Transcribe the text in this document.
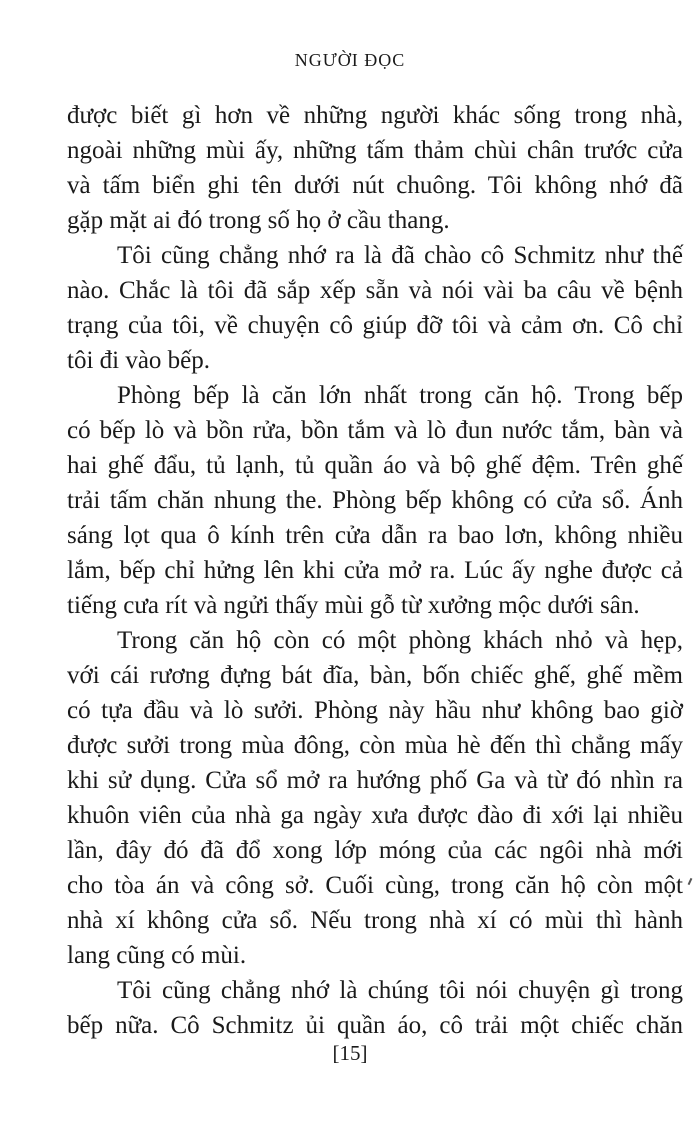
NGƯỜI ĐỌC
được biết gì hơn về những người khác sống trong nhà,
ngoài những mùi ấy, những tấm thảm chùi chân trước cửa
và tấm biển ghi tên dưới nút chuông. Tôi không nhớ đã
gặp mặt ai đó trong số họ ở cầu thang.
Tôi cũng chẳng nhớ ra là đã chào cô Schmitz như thế
nào. Chắc là tôi đã sắp xếp sẵn và nói vài ba câu về bệnh
trạng của tôi, về chuyện cô giúp đỡ tôi và cảm ơn. Cô chỉ
tôi đi vào bếp.
Phòng bếp là căn lớn nhất trong căn hộ. Trong bếp
có bếp lò và bồn rửa, bồn tắm và lò đun nước tắm, bàn và
hai ghế đẩu, tủ lạnh, tủ quần áo và bộ ghế đệm. Trên ghế
trải tấm chăn nhung the. Phòng bếp không có cửa sổ. Ánh
sáng lọt qua ô kính trên cửa dẫn ra bao lơn, không nhiều
lắm, bếp chỉ hửng lên khi cửa mở ra. Lúc ấy nghe được cả
tiếng cưa rít và ngửi thấy mùi gỗ từ xưởng mộc dưới sân.
Trong căn hộ còn có một phòng khách nhỏ và hẹp,
với cái rương đựng bát đĩa, bàn, bốn chiếc ghế, ghế mềm
có tựa đầu và lò sưởi. Phòng này hầu như không bao giờ
được sưởi trong mùa đông, còn mùa hè đến thì chẳng mấy
khi sử dụng. Cửa sổ mở ra hướng phố Ga và từ đó nhìn ra
khuôn viên của nhà ga ngày xưa được đào đi xới lại nhiều
lần, đây đó đã đổ xong lớp móng của các ngôi nhà mới
cho tòa án và công sở. Cuối cùng, trong căn hộ còn một
nhà xí không cửa sổ. Nếu trong nhà xí có mùi thì hành
lang cũng có mùi.
Tôi cũng chẳng nhớ là chúng tôi nói chuyện gì trong
bếp nữa. Cô Schmitz ủi quần áo, cô trải một chiếc chăn
[15]
